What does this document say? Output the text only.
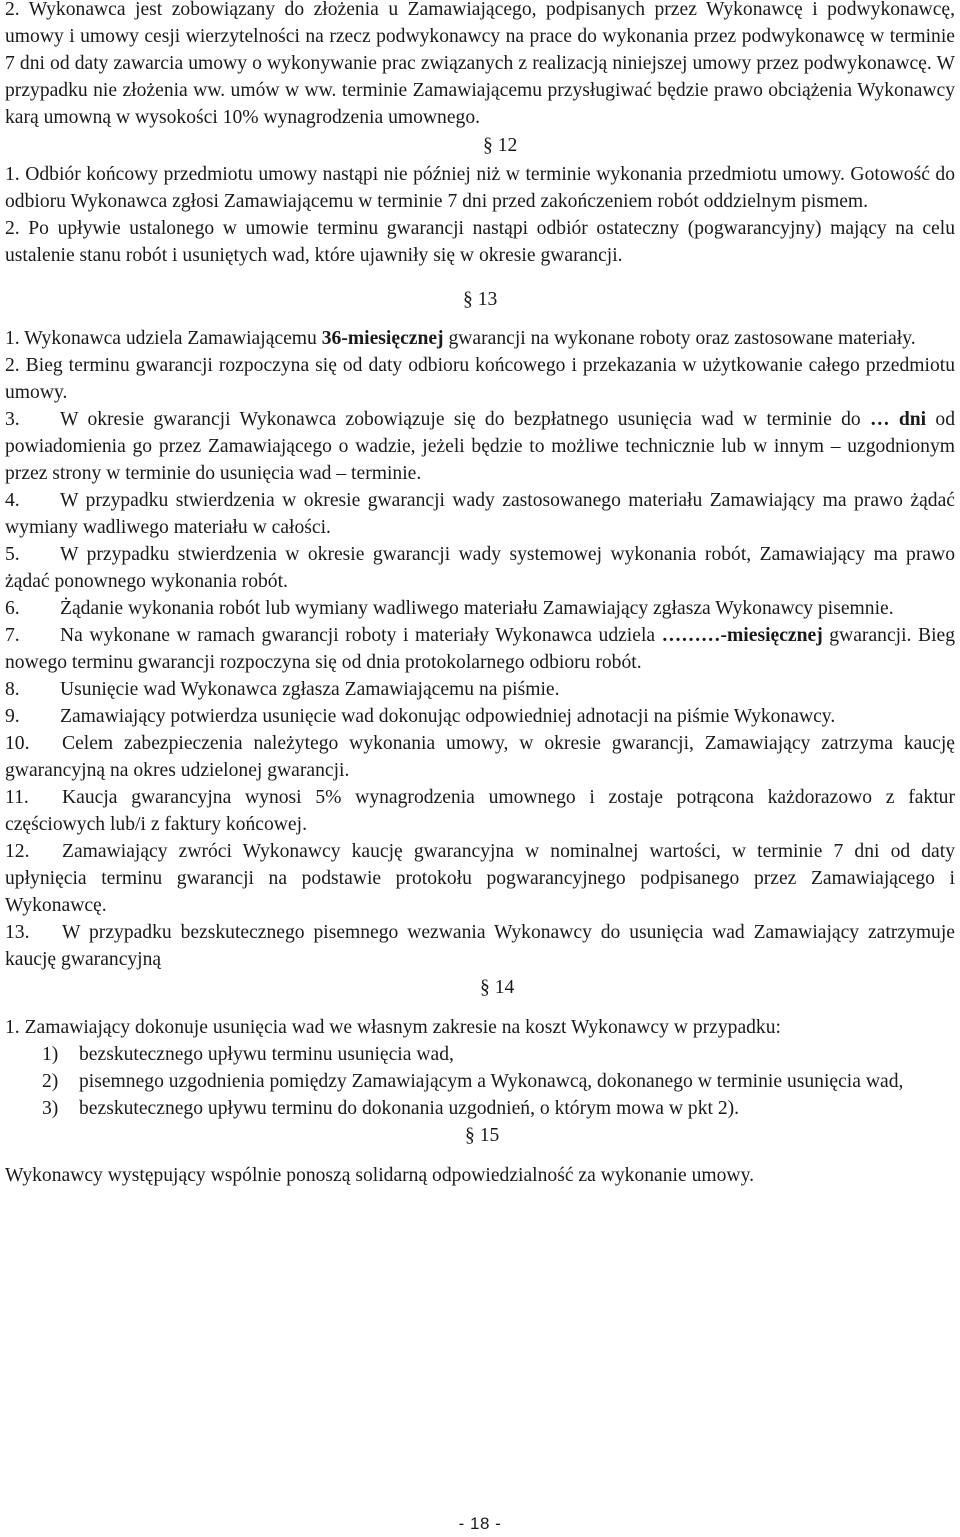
2. Wykonawca jest zobowiązany do złożenia u Zamawiającego, podpisanych przez Wykonawcę i podwykonawcę, umowy i umowy cesji wierzytelności na rzecz podwykonawcy na prace do wykonania przez podwykonawcę w terminie 7 dni od daty zawarcia umowy o wykonywanie prac związanych z realizacją niniejszej umowy przez podwykonawcę. W przypadku nie złożenia ww. umów w ww. terminie Zamawiającemu przysługiwać będzie prawo obciążenia Wykonawcy karą umowną w wysokości 10% wynagrodzenia umownego.

§ 12

1. Odbiór końcowy przedmiotu umowy nastąpi nie później niż w terminie wykonania przedmiotu umowy. Gotowość do odbioru Wykonawca zgłosi Zamawiającemu w terminie 7 dni przed zakończeniem robót oddzielnym pismem.

2. Po upływie ustalonego w umowie terminu gwarancji nastąpi odbiór ostateczny (pogwarancyjny) mający na celu ustalenie stanu robót i usuniętych wad, które ujawniły się w okresie gwarancji.

§ 13

1. Wykonawca udziela Zamawiającemu 36-miesięcznej gwarancji na wykonane roboty oraz zastosowane materiały.

2. Bieg terminu gwarancji rozpoczyna się od daty odbioru końcowego i przekazania w użytkowanie całego przedmiotu umowy.

3. W okresie gwarancji Wykonawca zobowiązuje się do bezpłatnego usunięcia wad w terminie do … dni od powiadomienia go przez Zamawiającego o wadzie, jeżeli będzie to możliwe technicznie lub w innym – uzgodnionym przez strony w terminie do usunięcia wad – terminie.

4. W przypadku stwierdzenia w okresie gwarancji wady zastosowanego materiału Zamawiający ma prawo żądać wymiany wadliwego materiału w całości.

5. W przypadku stwierdzenia w okresie gwarancji wady systemowej wykonania robót, Zamawiający ma prawo żądać ponownego wykonania robót.

6. Żądanie wykonania robót lub wymiany wadliwego materiału Zamawiający zgłasza Wykonawcy pisemnie.

7. Na wykonane w ramach gwarancji roboty i materiały Wykonawca udziela ………-miesięcznej gwarancji. Bieg nowego terminu gwarancji rozpoczyna się od dnia protokolarnego odbioru robót.

8. Usunięcie wad Wykonawca zgłasza Zamawiającemu na piśmie.

9. Zamawiający potwierdza usunięcie wad dokonując odpowiedniej adnotacji na piśmie Wykonawcy.

10. Celem zabezpieczenia należytego wykonania umowy, w okresie gwarancji, Zamawiający zatrzyma kaucję gwarancyjną na okres udzielonej gwarancji.

11. Kaucja gwarancyjna wynosi 5% wynagrodzenia umownego i zostaje potrącona każdorazowo z faktur częściowych lub/i z faktury końcowej.

12. Zamawiający zwróci Wykonawcy kaucję gwarancyjna w nominalnej wartości, w terminie 7 dni od daty upłynięcia terminu gwarancji na podstawie protokołu pogwarancyjnego podpisanego przez Zamawiającego i Wykonawcę.

13. W przypadku bezskutecznego pisemnego wezwania Wykonawcy do usunięcia wad Zamawiający zatrzymuje kaucję gwarancyjną

§ 14

1. Zamawiający dokonuje usunięcia wad we własnym zakresie na koszt Wykonawcy w przypadku:

1) bezskutecznego upływu terminu usunięcia wad,
2) pisemnego uzgodnienia pomiędzy Zamawiającym a Wykonawcą, dokonanego w terminie usunięcia wad,
3) bezskutecznego upływu terminu do dokonania uzgodnień, o którym mowa w pkt 2).

§ 15

Wykonawcy występujący wspólnie ponoszą solidarną odpowiedzialność za wykonanie umowy.

- 18 -
